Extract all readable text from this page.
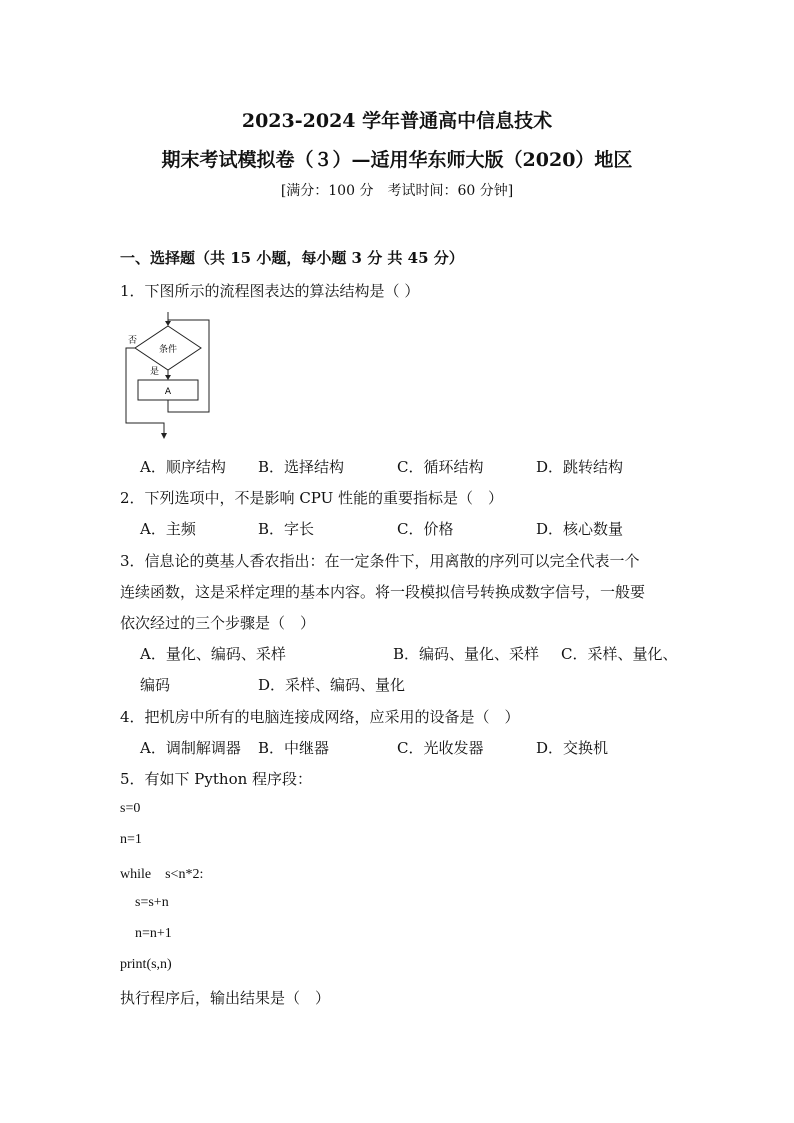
2023-2024 学年普通高中信息技术
期末考试模拟卷（３）—适用华东师大版（2020）地区
[满分：100 分　考试时间：60 分钟]
一、选择题（共 15 小题，每小题 3 分 共 45 分）
1．下图所示的流程图表达的算法结构是（ ）
条件
是
A
否
A．顺序结构 B．选择结构	C．循环结构	D．跳转结构
2．下列选项中，不是影响 CPU 性能的重要指标是（　）
A．主频	B．字长	C．价格	D．核心数量
3．信息论的奠基人香农指出：在一定条件下，用离散的序列可以完全代表一个
连续函数，这是采样定理的基本内容。将一段模拟信号转换成数字信号，一般要
依次经过的三个步骤是（　）
A．量化、编码、采样	B．编码、量化、采样 C．采样、量化、
编码	D．采样、编码、量化
4．把机房中所有的电脑连接成网络，应采用的设备是（　）
A．调制解调器 B．中继器	C．光收发器	D．交换机
5．有如下 Python 程序段：
s=0
n=1
while　s<n*2:
s=s+n
n=n+1
print(s,n)
执行程序后，输出结果是（　）
